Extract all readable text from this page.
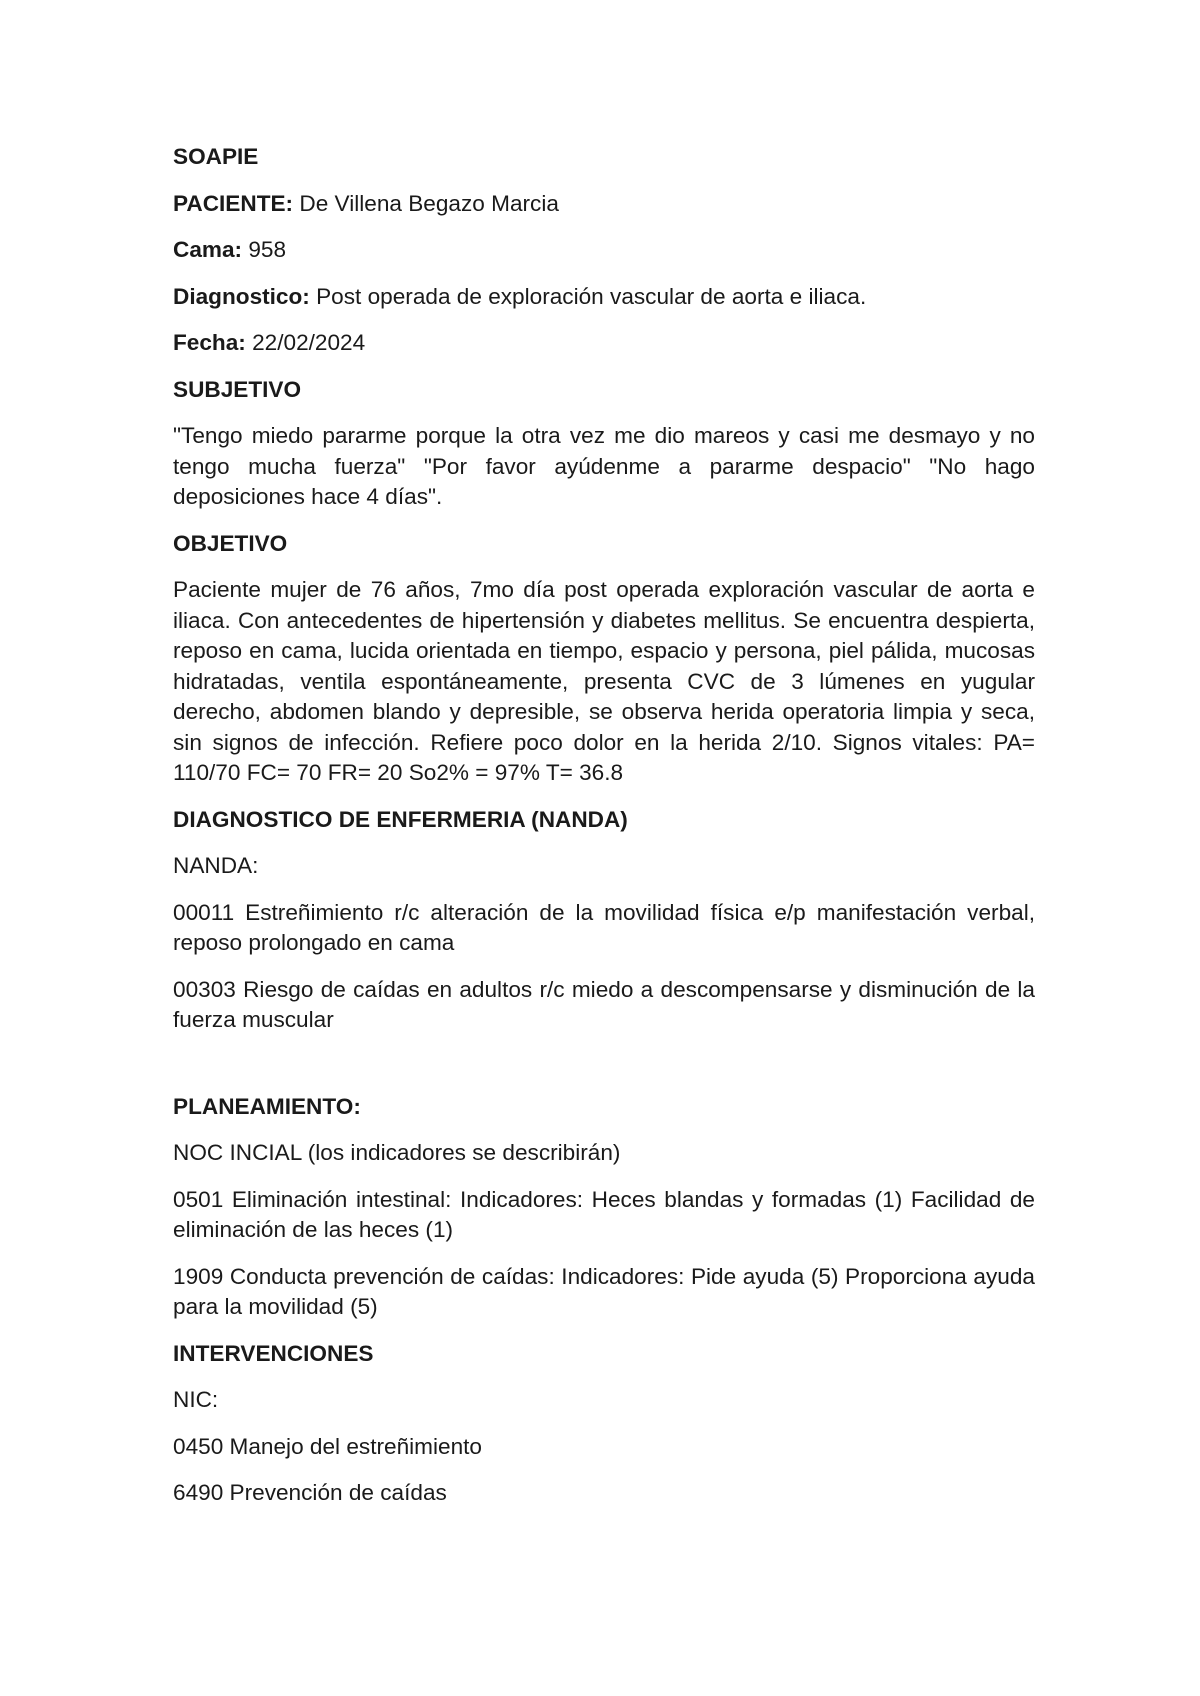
SOAPIE

PACIENTE: De Villena Begazo Marcia

Cama: 958

Diagnostico: Post operada de exploración vascular de aorta e iliaca.

Fecha: 22/02/2024

SUBJETIVO

"Tengo miedo pararme porque la otra vez me dio mareos y casi me desmayo y no tengo mucha fuerza" "Por favor ayúdenme a pararme despacio" "No hago deposiciones hace 4 días".

OBJETIVO

Paciente mujer de 76 años, 7mo día post operada exploración vascular de aorta e iliaca. Con antecedentes de hipertensión y diabetes mellitus. Se encuentra despierta, reposo en cama, lucida orientada en tiempo, espacio y persona, piel pálida, mucosas hidratadas, ventila espontáneamente, presenta CVC de 3 lúmenes en yugular derecho, abdomen blando y depresible, se observa herida operatoria limpia y seca, sin signos de infección. Refiere poco dolor en la herida 2/10. Signos vitales: PA= 110/70 FC= 70 FR= 20 So2% = 97% T= 36.8

DIAGNOSTICO DE ENFERMERIA (NANDA)

NANDA:

00011 Estreñimiento r/c alteración de la movilidad física e/p manifestación verbal, reposo prolongado en cama

00303 Riesgo de caídas en adultos r/c miedo a descompensarse y disminución de la fuerza muscular

PLANEAMIENTO:

NOC INCIAL (los indicadores se describirán)

0501 Eliminación intestinal: Indicadores: Heces blandas y formadas (1) Facilidad de eliminación de las heces (1)

1909 Conducta prevención de caídas: Indicadores: Pide ayuda (5) Proporciona ayuda para la movilidad (5)

INTERVENCIONES

NIC:

0450 Manejo del estreñimiento

6490 Prevención de caídas
